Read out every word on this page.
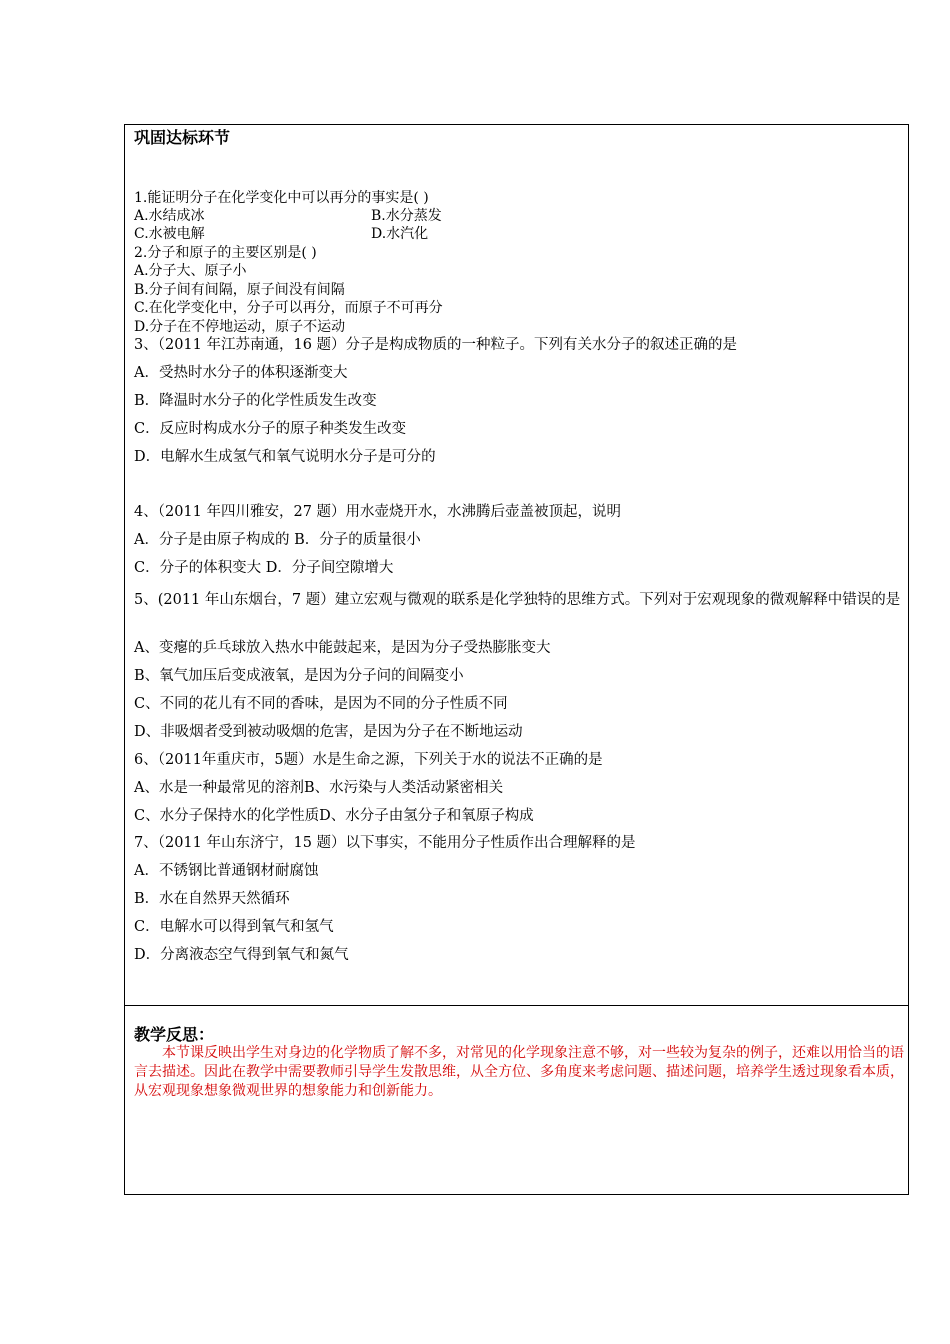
巩固达标环节
1.能证明分子在化学变化中可以再分的事实是( )
A.水结成冰	B.水分蒸发
C.水被电解	D.水汽化
2.分子和原子的主要区别是( )
A.分子大、原子小
B.分子间有间隔，原子间没有间隔
C.在化学变化中，分子可以再分，而原子不可再分
D.分子在不停地运动，原子不运动
3、（2011 年江苏南通，16 题）分子是构成物质的一种粒子。下列有关水分子的叙述正确的是
A．受热时水分子的体积逐渐变大
B．降温时水分子的化学性质发生改变
C．反应时构成水分子的原子种类发生改变
D．电解水生成氢气和氧气说明水分子是可分的
4、（2011 年四川雅安，27 题）用水壶烧开水，水沸腾后壶盖被顶起，说明
A．分子是由原子构成的 B．分子的质量很小
C．分子的体积变大 D．分子间空隙增大
5、(2011 年山东烟台，7 题）建立宏观与微观的联系是化学独特的思维方式。下列对于宏观现象的微观解释中错误的是
A、变瘪的乒乓球放入热水中能鼓起来，是因为分子受热膨胀变大
B、氧气加压后变成液氧，是因为分子问的间隔变小
C、不同的花儿有不同的香味，是因为不同的分子性质不同
D、非吸烟者受到被动吸烟的危害，是因为分子在不断地运动
6、（2011年重庆市，5题）水是生命之源，下列关于水的说法不正确的是
A、水是一种最常见的溶剂B、水污染与人类活动紧密相关
C、水分子保持水的化学性质D、水分子由氢分子和氧原子构成
7、（2011 年山东济宁，15 题）以下事实，不能用分子性质作出合理解释的是
A．不锈钢比普通钢材耐腐蚀
B．水在自然界天然循环
C．电解水可以得到氧气和氢气
D．分离液态空气得到氧气和氮气
教学反思：
本节课反映出学生对身边的化学物质了解不多，对常见的化学现象注意不够，对一些较为复杂的例子，还难以用恰当的语言去描述。因此在教学中需要教师引导学生发散思维，从全方位、多角度来考虑问题、描述问题，培养学生透过现象看本质，从宏观现象想象微观世界的想象能力和创新能力。
